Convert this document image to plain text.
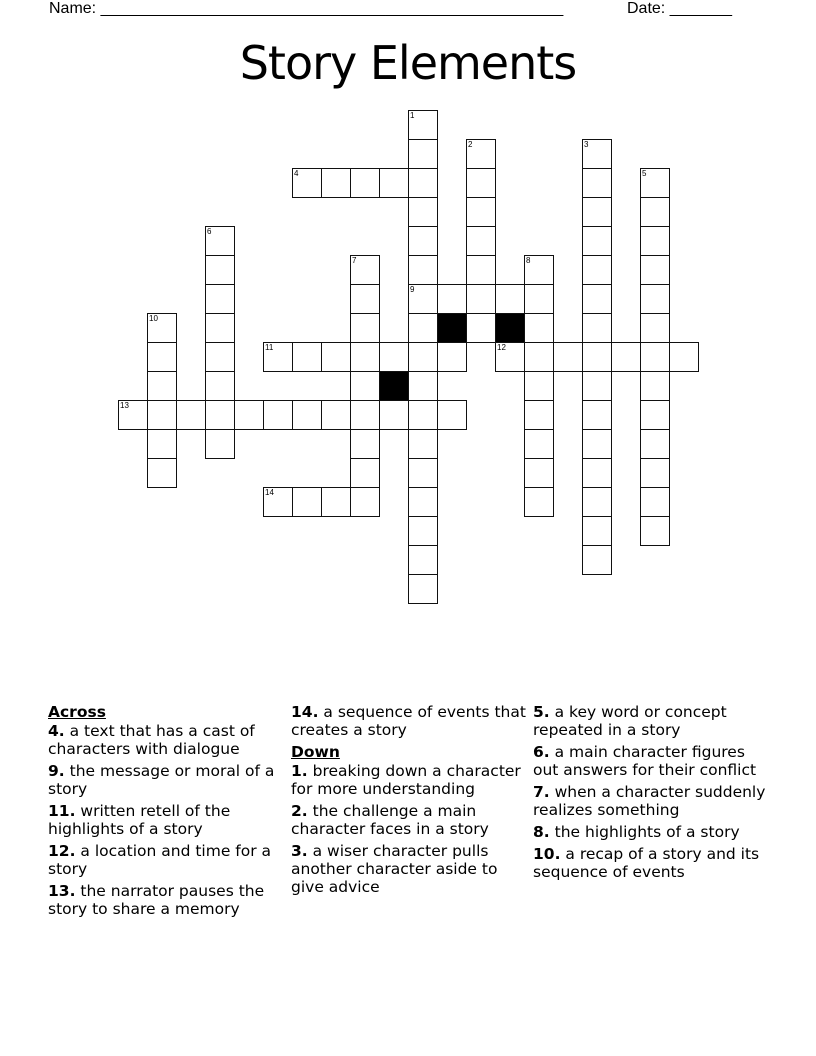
Name: ____________________________________________________	Date: _______
Story Elements
1
9
2	3
4	5
6
7	8
10
11	12
13
14
Across
4. a text that has a cast of characters with dialogue
9. the message or moral of a story
11. written retell of the highlights of a story
12. a location and time for a story
13. the narrator pauses the story to share a memory
14. a sequence of events that creates a story
Down
1. breaking down a character for more understanding
2. the challenge a main character faces in a story
3. a wiser character pulls another character aside to give advice
5. a key word or concept repeated in a story
6. a main character figures out answers for their conflict
7. when a character suddenly realizes something
8. the highlights of a story
10. a recap of a story and its sequence of events
